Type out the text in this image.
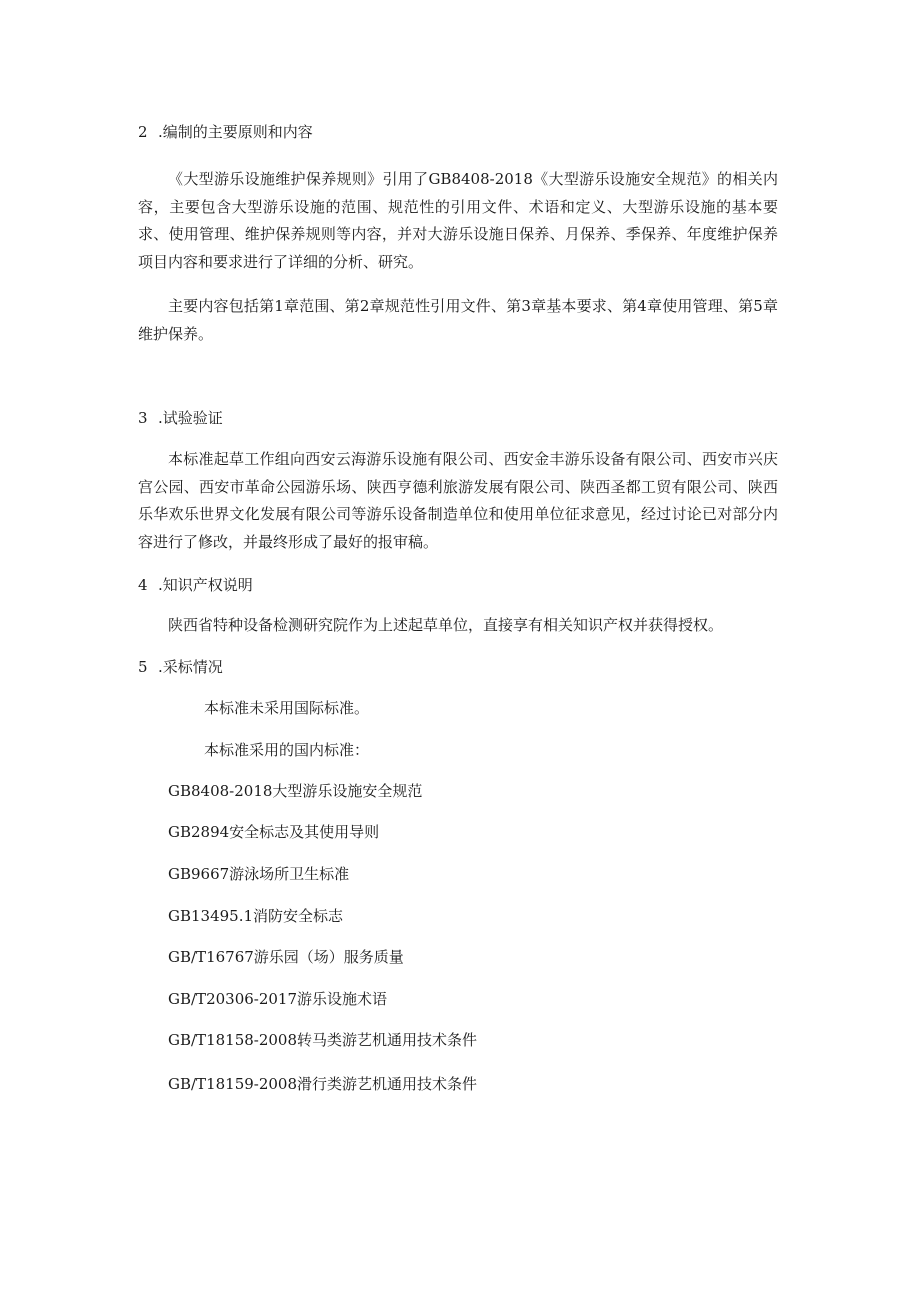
2 .编制的主要原则和内容
《大型游乐设施维护保养规则》引用了GB8408-2018《大型游乐设施安全规范》的相关内容，主要包含大型游乐设施的范围、规范性的引用文件、术语和定义、大型游乐设施的基本要求、使用管理、维护保养规则等内容，并对大游乐设施日保养、月保养、季保养、年度维护保养项目内容和要求进行了详细的分析、研究。
主要内容包括第1章范围、第2章规范性引用文件、第3章基本要求、第4章使用管理、第5章维护保养。
3 .试验验证
本标准起草工作组向西安云海游乐设施有限公司、西安金丰游乐设备有限公司、西安市兴庆宫公园、西安市革命公园游乐场、陕西亨德利旅游发展有限公司、陕西圣都工贸有限公司、陕西乐华欢乐世界文化发展有限公司等游乐设备制造单位和使用单位征求意见，经过讨论已对部分内容进行了修改，并最终形成了最好的报审稿。
4 .知识产权说明
陕西省特种设备检测研究院作为上述起草单位，直接享有相关知识产权并获得授权。
5 .采标情况
本标准未采用国际标准。
本标准采用的国内标准：
GB8408-2018大型游乐设施安全规范
GB2894安全标志及其使用导则
GB9667游泳场所卫生标准
GB13495.1消防安全标志
GB/T16767游乐园（场）服务质量
GB/T20306-2017游乐设施术语
GB/T18158-2008转马类游艺机通用技术条件
GB/T18159-2008滑行类游艺机通用技术条件
